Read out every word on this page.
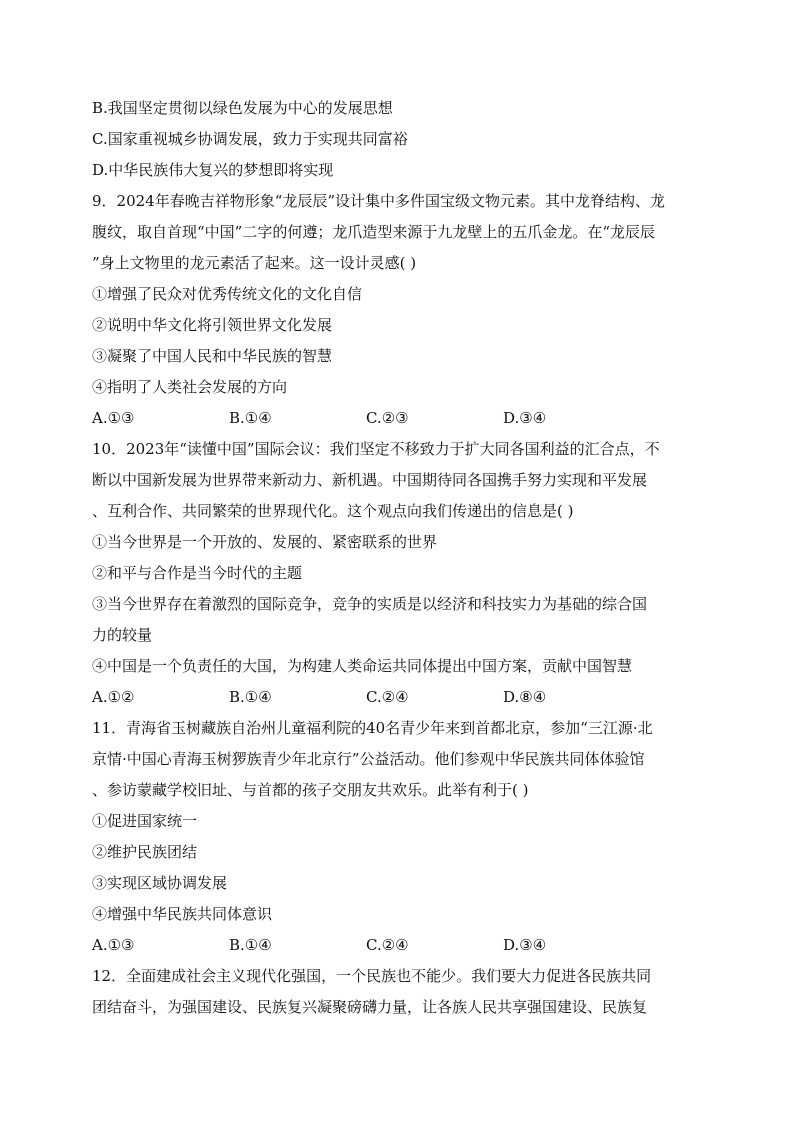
B.我国坚定贯彻以绿色发展为中心的发展思想
C.国家重视城乡协调发展，致力于实现共同富裕
D.中华民族伟大复兴的梦想即将实现
9．2024年春晚吉祥物形象“龙辰辰”设计集中多件国宝级文物元素。其中龙脊结构、龙
腹纹，取自首现“中国”二字的何遵；龙爪造型来源于九龙壁上的五爪金龙。在“龙辰辰
”身上文物里的龙元素活了起来。这一设计灵感( )
①增强了民众对优秀传统文化的文化自信
②说明中华文化将引领世界文化发展
③凝聚了中国人民和中华民族的智慧
④指明了人类社会发展的方向
A.①③	B.①④	C.②③	D.③④
10．2023年“读懂中国”国际会议：我们坚定不移致力于扩大同各国利益的汇合点，不
断以中国新发展为世界带来新动力、新机遇。中国期待同各国携手努力实现和平发展
、互利合作、共同繁荣的世界现代化。这个观点向我们传递出的信息是( )
①当今世界是一个开放的、发展的、紧密联系的世界
②和平与合作是当今时代的主题
③当今世界存在着激烈的国际竞争，竞争的实质是以经济和科技实力为基础的综合国
力的较量
④中国是一个负责任的大国，为构建人类命运共同体提出中国方案，贡献中国智慧
A.①②	B.①④	C.②④	D.⑧④
11．青海省玉树藏族自治州儿童福利院的40名青少年来到首都北京，参加“三江源·北
京情·中国心青海玉树猡族青少年北京行”公益活动。他们参观中华民族共同体体验馆
、参访蒙藏学校旧址、与首都的孩子交朋友共欢乐。此举有利于( )
①促进国家统一
②维护民族团结
③实现区域协调发展
④增强中华民族共同体意识
A.①③	B.①④	C.②④	D.③④
12．全面建成社会主义现代化强国，一个民族也不能少。我们要大力促进各民族共同
团结奋斗，为强国建设、民族复兴凝聚磅礴力量，让各族人民共享强国建设、民族复
